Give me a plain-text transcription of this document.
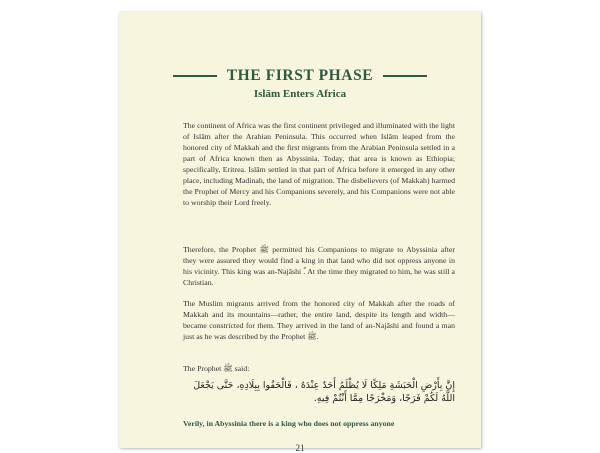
THE FIRST PHASE
Islām Enters Africa

The continent of Africa was the first continent privileged and illuminated with the light of Islām after the Arabian Peninsula. This occurred when Islām leaped from the honored city of Makkah and the first migrants from the Arabian Peninsula settled in a part of Africa known then as Abyssinia. Today, that area is known as Ethiopia; specifically, Eritrea. Islām settled in that part of Africa before it emerged in any other place, including Madinah, the land of migration. The disbelievers (of Makkah) harmed the Prophet of Mercy and his Companions severely, and his Companions were not able to worship their Lord freely.

Therefore, the Prophet ﷺ permitted his Companions to migrate to Abyssinia after they were assured they would find a king in that land who did not oppress anyone in his vicinity. This king was an-Najāshi ؓ. At the time they migrated to him, he was still a Christian.

The Muslim migrants arrived from the honored city of Makkah after the roads of Makkah and its mountains—rather, the entire land, despite its length and width—became constricted for them. They arrived in the land of an-Najāshi and found a man just as he was described by the Prophet ﷺ.

The Prophet ﷺ said:

إِنَّ بِأَرْضِ الْحَبَشَةِ مَلِكًا لَا يُظْلَمُ أَحَدٌ عِنْدَهُ ، فَالْحَقُوا بِبِلَادِهِ، حَتَّى يَجْعَلَ اللَّهُ لَكُمْ فَرَجًا، وَمَخْرَجًا مِمَّا أَنْتُمْ فِيهِ.

Verily, in Abyssinia there is a king who does not oppress anyone

21
